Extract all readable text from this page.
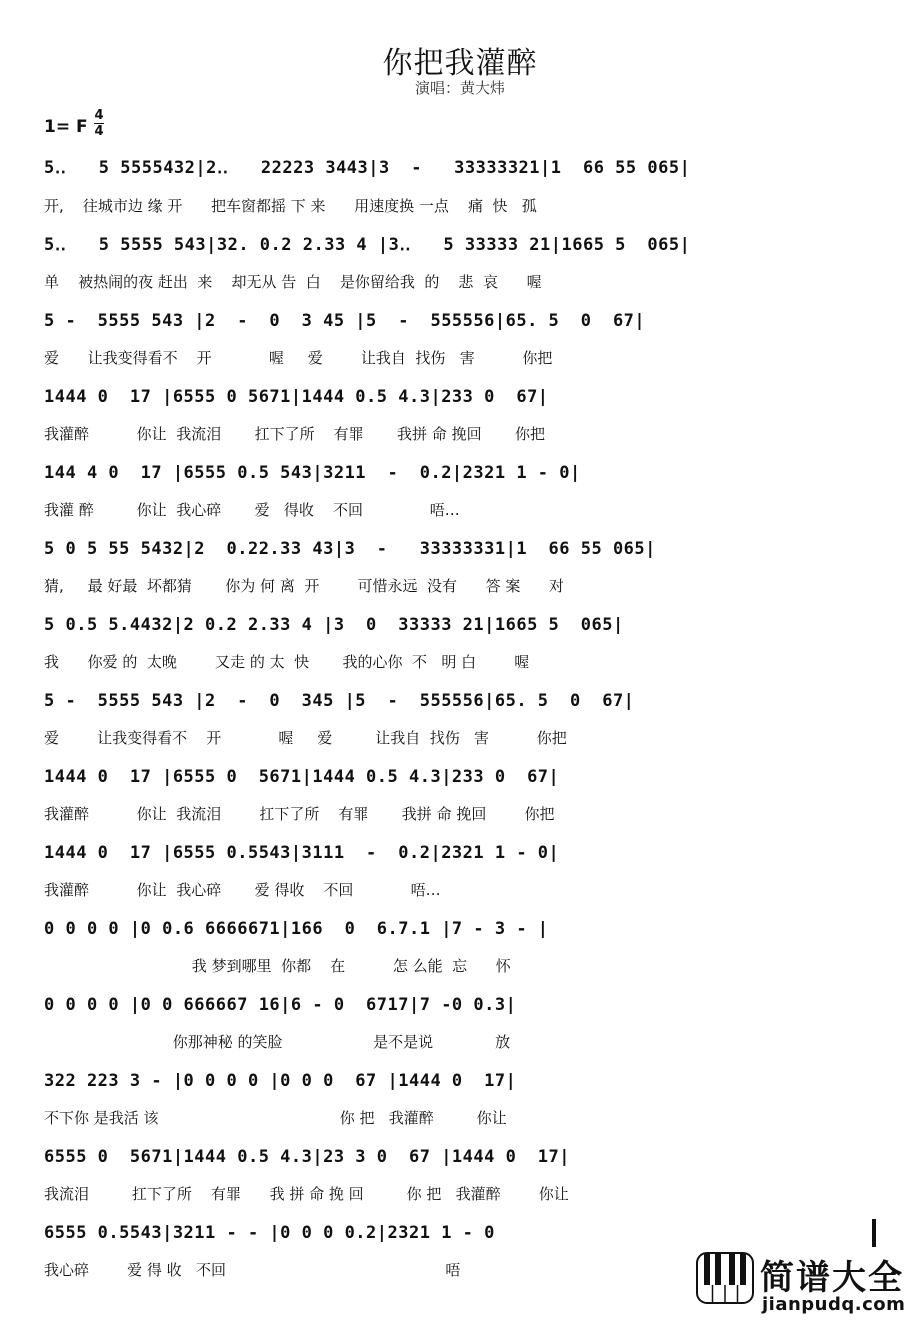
你把我灌醉
演唱：黄大炜
1= F
4
4
5‥   5 5555432|2‥   22223 3443|3  -   33333321|1  66 55 065|
开,    往城市边 缘 开      把车窗都摇 下 来      用速度换 一点    痛  快   孤
5‥   5 5555 543|32. 0.2 2.33 4 |3‥   5 33333 21|1665 5  065|
单    被热闹的夜 赶出  来    却无从 告  白    是你留给我  的    悲  哀      喔
5 -  5555 543 |2  -  0  3 45 |5  -  555556|65. 5  0  67|
爱      让我变得看不    开            喔     爱        让我自  找伤   害          你把
1444 0  17 |6555 0 5671|1444 0.5 4.3|233 0  67|
我灌醉          你让  我流泪       扛下了所    有罪       我拼 命 挽回       你把
144 4 0  17 |6555 0.5 543|3211  -  0.2|2321 1 - 0|
我灌 醉         你让  我心碎       爱   得收    不回              唔…
5 0 5 55 5432|2  0.22.33 43|3  -   33333331|1  66 55 065|
猜,     最 好最  坏都猜       你为 何 离  开        可惜永远  没有      答 案      对
5 0.5 5.4432|2 0.2 2.33 4 |3  0  33333 21|1665 5  065|
我      你爱 的  太晚        又走 的 太  快       我的心你  不   明 白        喔
5 -  5555 543 |2  -  0  345 |5  -  555556|65. 5  0  67|
爱        让我变得看不    开            喔     爱         让我自  找伤   害          你把
1444 0  17 |6555 0  5671|1444 0.5 4.3|233 0  67|
我灌醉          你让  我流泪        扛下了所    有罪       我拼 命 挽回        你把
1444 0  17 |6555 0.5543|3111  -  0.2|2321 1 - 0|
我灌醉          你让  我心碎       爱 得收    不回            唔…
0 0 0 0 |0 0.6 6666671|166  0  6.7.1 |7 - 3 - |
我 梦到哪里  你都    在          怎 么能  忘      怀
0 0 0 0 |0 0 666667 16|6 - 0  6717|7 -0 0.3|
你那神秘 的笑脸                   是不是说             放
322 223 3 - |0 0 0 0 |0 0 0  67 |1444 0  17|
不下你 是我活 该                                      你 把   我灌醉         你让
6555 0  5671|1444 0.5 4.3|23 3 0  67 |1444 0  17|
我流泪         扛下了所    有罪      我 拼 命 挽 回         你 把   我灌醉        你让
6555 0.5543|3211 - - |0 0 0 0.2|2321 1 - 0
我心碎        爱 得 收   不回                                              唔	简谱大全
jianpudq.com
